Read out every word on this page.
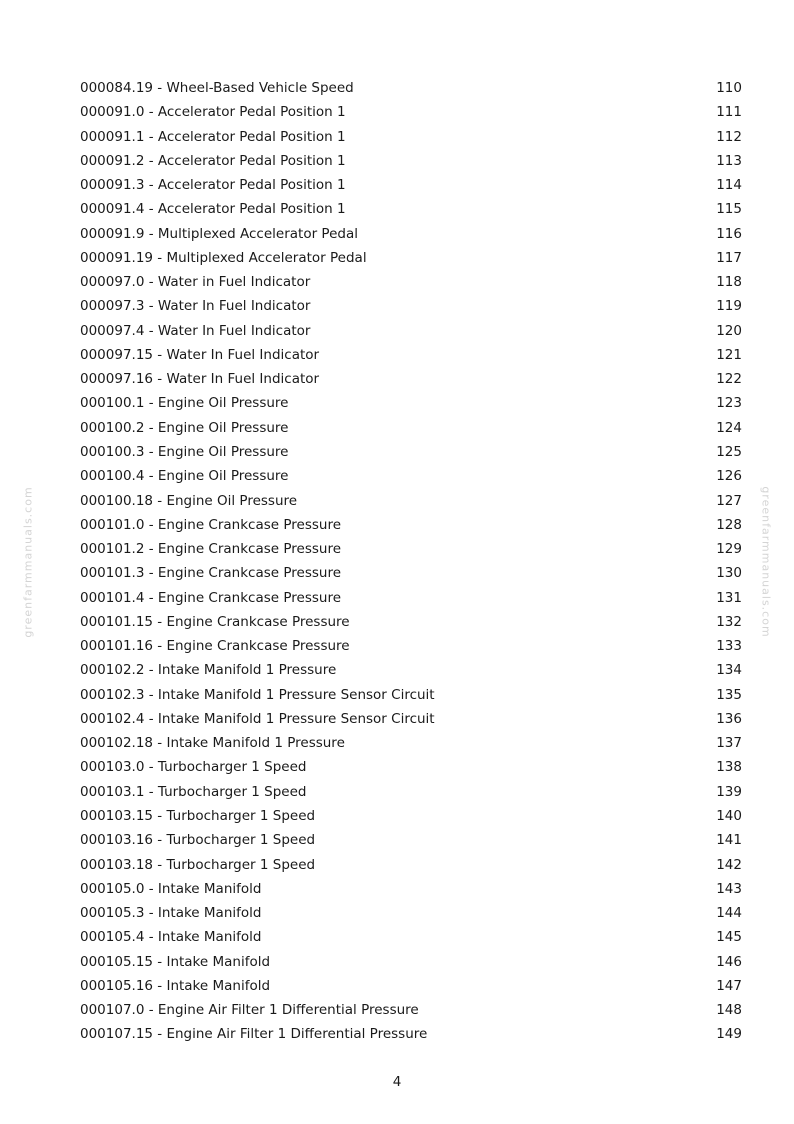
000084.19 - Wheel-Based Vehicle Speed	110
000091.0 - Accelerator Pedal Position 1	111
000091.1 - Accelerator Pedal Position 1	112
000091.2 - Accelerator Pedal Position 1	113
000091.3 - Accelerator Pedal Position 1	114
000091.4 - Accelerator Pedal Position 1	115
000091.9 - Multiplexed Accelerator Pedal	116
000091.19 - Multiplexed Accelerator Pedal	117
000097.0 - Water in Fuel Indicator	118
000097.3 - Water In Fuel Indicator	119
000097.4 - Water In Fuel Indicator	120
000097.15 - Water In Fuel Indicator	121
000097.16 - Water In Fuel Indicator	122
000100.1 - Engine Oil Pressure	123
000100.2 - Engine Oil Pressure	124
000100.3 - Engine Oil Pressure	125
000100.4 - Engine Oil Pressure	126
000100.18 - Engine Oil Pressure	127
000101.0 - Engine Crankcase Pressure	128
000101.2 - Engine Crankcase Pressure	129
000101.3 - Engine Crankcase Pressure	130
000101.4 - Engine Crankcase Pressure	131
000101.15 - Engine Crankcase Pressure	132
000101.16 - Engine Crankcase Pressure	133
000102.2 - Intake Manifold 1 Pressure	134
000102.3 - Intake Manifold 1 Pressure Sensor Circuit	135
000102.4 - Intake Manifold 1 Pressure Sensor Circuit	136
000102.18 - Intake Manifold 1 Pressure	137
000103.0 - Turbocharger 1 Speed	138
000103.1 - Turbocharger 1 Speed	139
000103.15 - Turbocharger 1 Speed	140
000103.16 - Turbocharger 1 Speed	141
000103.18 - Turbocharger 1 Speed	142
000105.0 - Intake Manifold	143
000105.3 - Intake Manifold	144
000105.4 - Intake Manifold	145
000105.15 - Intake Manifold	146
000105.16 - Intake Manifold	147
000107.0 - Engine Air Filter 1 Differential Pressure	148
000107.15 - Engine Air Filter 1 Differential Pressure	149
4
greenfarmmanuals.com	greenfarmmanuals.com
